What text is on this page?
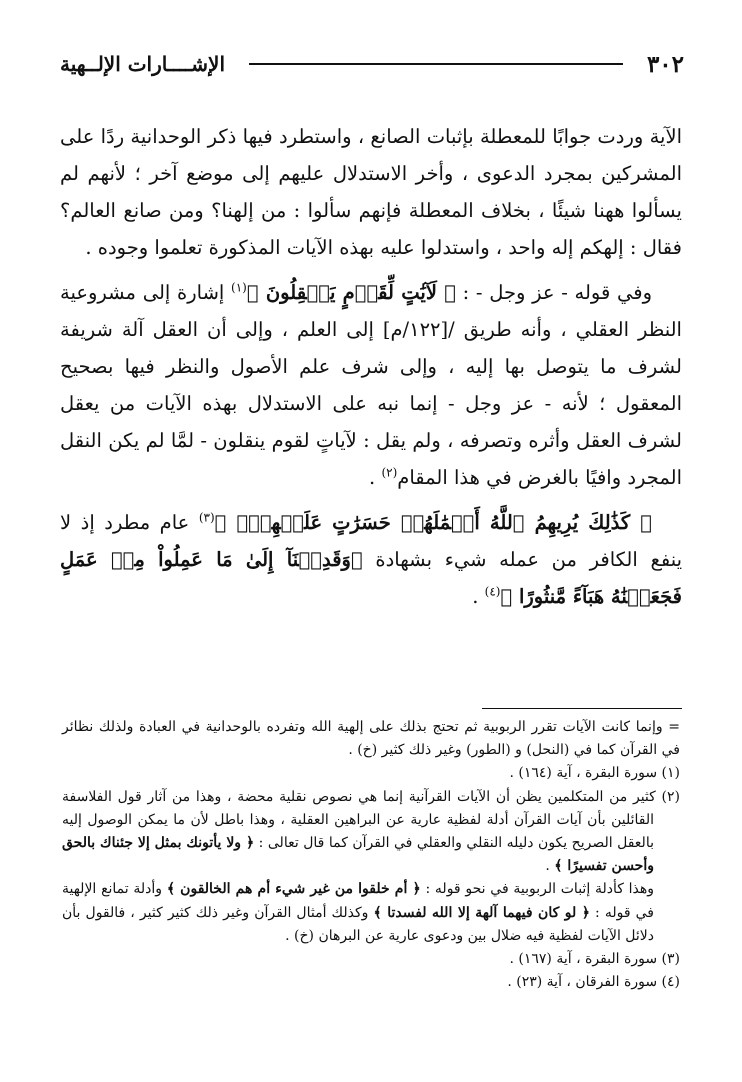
٣٠٢
الإشــــارات الإلــهية

الآية وردت جوابًا للمعطلة بإثبات الصانع ، واستطرد فيها ذكر الوحدانية ردًا على المشركين بمجرد الدعوى ، وأخر الاستدلال عليهم إلى موضع آخر ؛ لأنهم لم يسألوا ههنا شيئًا ، بخلاف المعطلة فإنهم سألوا : من إلهنا؟ ومن صانع العالم؟ فقال : إلهكم إله واحد ، واستدلوا عليه بهذه الآيات المذكورة تعلموا وجوده .

وفي قوله - عز وجل - : ﴿ لَآيَٰتٍ لِّقَوۡمٍ يَعۡقِلُونَ ﴾$^{(١)}$ إشارة إلى مشروعية النظر العقلي ، وأنه طريق /[١٢٢/م] إلى العلم ، وإلى أن العقل آلة شريفة لشرف ما يتوصل بها إليه ، وإلى شرف علم الأصول والنظر فيها بصحيح المعقول ؛ لأنه - عز وجل - إنما نبه على الاستدلال بهذه الآيات من يعقل لشرف العقل وأثره وتصرفه ، ولم يقل : لآياتٍ لقوم ينقلون - لمَّا لم يكن النقل المجرد وافيًا بالغرض في هذا المقام$^{(٢)}$ .

﴿ كَذَٰلِكَ يُرِيهِمُ ٱللَّهُ أَعۡمَٰلَهُمۡ حَسَرَٰتٍ عَلَيۡهِمۡۖ ﴾$^{(٣)}$ عام مطرد إذ لا ينفع الكافر من عمله شيء بشهادة ﴿وَقَدِمۡنَآ إِلَىٰ مَا عَمِلُواْ مِنۡ عَمَلٍ فَجَعَلۡنَٰهُ هَبَآءً مَّنثُورًا ﴾$^{(٤)}$ .

= وإنما كانت الآيات تقرر الربوبية ثم تحتج بذلك على إلهية الله وتفرده بالوحدانية في العبادة ولذلك نظائر في القرآن كما في (النحل) و (الطور) وغير ذلك كثير (خ) .

(١) سورة البقرة ، آية (١٦٤) .

(٢) كثير من المتكلمين يظن أن الآيات القرآنية إنما هي نصوص نقلية محضة ، وهذا من آثار قول الفلاسفة القائلين بأن آيات القرآن أدلة لفظية عارية عن البراهين العقلية ، وهذا باطل لأن ما يمكن الوصول إليه بالعقل الصريح يكون دليله النقلي والعقلي في القرآن كما قال تعالى : ﴿ ولا يأتونك بمثل إلا جئناك بالحق وأحسن تفسيرًا ﴾ .

وهذا كأدلة إثبات الربوبية في نحو قوله : ﴿ أم خلقوا من غير شيء أم هم الخالقون ﴾ وأدلة تمانع الإلهية في قوله : ﴿ لو كان فيهما آلهة إلا الله لفسدتا ﴾ وكذلك أمثال القرآن وغير ذلك كثير كثير ، فالقول بأن دلائل الآيات لفظية فيه ضلال بين ودعوى عارية عن البرهان (خ) .

(٣) سورة البقرة ، آية (١٦٧) .

(٤) سورة الفرقان ، آية (٢٣) .
